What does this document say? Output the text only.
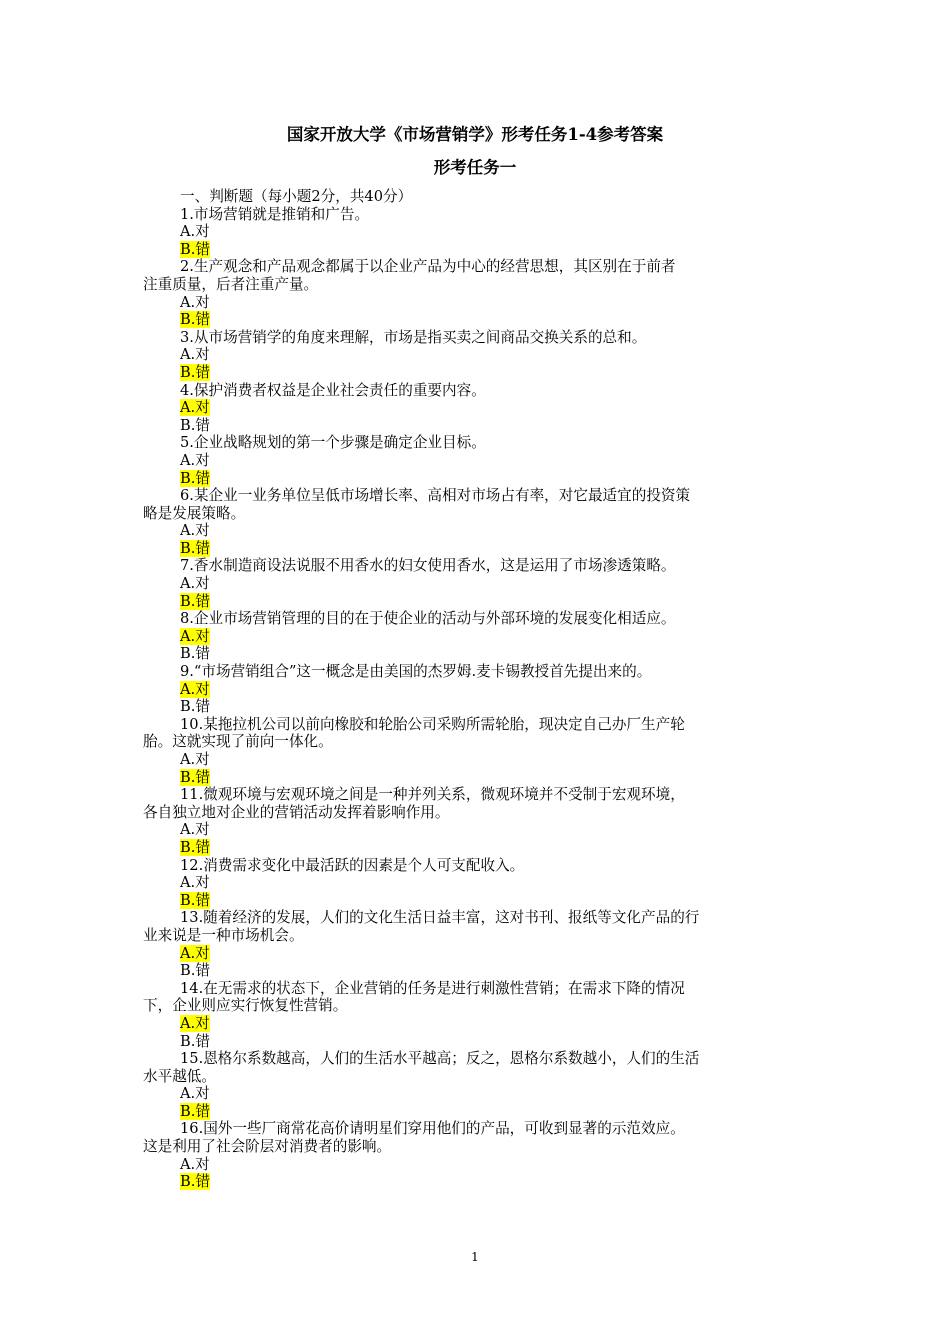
国家开放大学《市场营销学》形考任务1-4参考答案
形考任务一
一、判断题（每小题2分，共40分）
1.市场营销就是推销和广告。
A.对
B.错
2.生产观念和产品观念都属于以企业产品为中心的经营思想，其区别在于前者
注重质量，后者注重产量。
A.对
B.错
3.从市场营销学的角度来理解，市场是指买卖之间商品交换关系的总和。
A.对
B.错
4.保护消费者权益是企业社会责任的重要内容。
A.对
B.错
5.企业战略规划的第一个步骤是确定企业目标。
A.对
B.错
6.某企业一业务单位呈低市场增长率、高相对市场占有率，对它最适宜的投资策
略是发展策略。
A.对
B.错
7.香水制造商设法说服不用香水的妇女使用香水，这是运用了市场渗透策略。
A.对
B.错
8.企业市场营销管理的目的在于使企业的活动与外部环境的发展变化相适应。
A.对
B.错
9.“市场营销组合”这一概念是由美国的杰罗姆.麦卡锡教授首先提出来的。
A.对
B.错
10.某拖拉机公司以前向橡胶和轮胎公司采购所需轮胎，现决定自己办厂生产轮
胎。这就实现了前向一体化。
A.对
B.错
11.微观环境与宏观环境之间是一种并列关系，微观环境并不受制于宏观环境，
各自独立地对企业的营销活动发挥着影响作用。
A.对
B.错
12.消费需求变化中最活跃的因素是个人可支配收入。
A.对
B.错
13.随着经济的发展，人们的文化生活日益丰富，这对书刊、报纸等文化产品的行
业来说是一种市场机会。
A.对
B.错
14.在无需求的状态下，企业营销的任务是进行刺激性营销；在需求下降的情况
下，企业则应实行恢复性营销。
A.对
B.错
15.恩格尔系数越高，人们的生活水平越高；反之，恩格尔系数越小，人们的生活
水平越低。
A.对
B.错
16.国外一些厂商常花高价请明星们穿用他们的产品，可收到显著的示范效应。
这是利用了社会阶层对消费者的影响。
A.对
B.错
1
